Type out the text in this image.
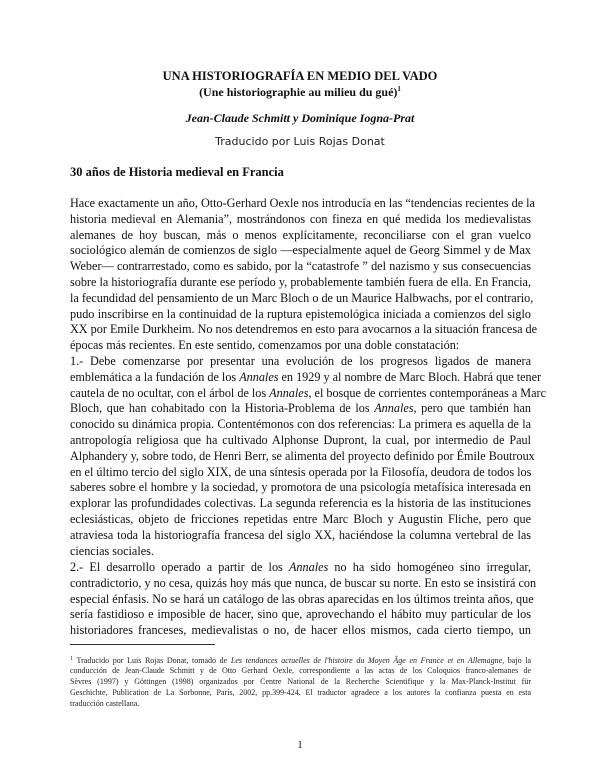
UNA HISTORIOGRAFÍA EN MEDIO DEL VADO
(Une historiographie au milieu du gué)$^1$
Jean-Claude Schmitt y Dominique Iogna-Prat
Traducido por Luis Rojas Donat
30 años de Historia medieval en Francia
Hace exactamente un año, Otto-Gerhard Oexle nos introducía en las “tendencias recientes de la
historia medieval en Alemania”, mostrándonos con fineza en qué medida los medievalistas
alemanes de hoy buscan, más o menos explícitamente, reconciliarse con el gran vuelco
sociológico alemán de comienzos de siglo —especialmente aquel de Georg Simmel y de Max
Weber— contrarrestado, como es sabido, por la “catastrofe ” del nazismo y sus consecuencias
sobre la historiografía durante ese período y, probablemente también fuera de ella. En Francia,
la fecundidad del pensamiento de un Marc Bloch o de un Maurice Halbwachs, por el contrario,
pudo inscribirse en la continuidad de la ruptura epistemológica iniciada a comienzos del siglo
XX por Emile Durkheim. No nos detendremos en esto para avocarnos a la situación francesa de
épocas más recientes. En este sentido, comenzamos por una doble constatación:
1.- Debe comenzarse por presentar una evolución de los progresos ligados de manera
emblemática a la fundación de los Annales en 1929 y al nombre de Marc Bloch. Habrá que tener
cautela de no ocultar, con el árbol de los Annales, el bosque de corrientes contemporáneas a Marc
Bloch, que han cohabitado con la Historia-Problema de los Annales, pero que también han
conocido su dinámica propia. Contentémonos con dos referencias: La primera es aquella de la
antropología religiosa que ha cultivado Alphonse Dupront, la cual, por intermedio de Paul
Alphandery y, sobre todo, de Henri Berr, se alimenta del proyecto definido por Émile Boutroux
en el último tercio del siglo XIX, de una síntesis operada por la Filosofía, deudora de todos los
saberes sobre el hombre y la sociedad, y promotora de una psicología metafísica interesada en
explorar las profundidades colectivas. La segunda referencia es la historia de las instituciones
eclesiásticas, objeto de fricciones repetidas entre Marc Bloch y Augustin Fliche, pero que
atraviesa toda la historiografía francesa del siglo XX, haciéndose la columna vertebral de las
ciencias sociales.
2.- El desarrollo operado a partir de los Annales no ha sido homogéneo sino irregular,
contradictorio, y no cesa, quizás hoy más que nunca, de buscar su norte. En esto se insistirá con
especial énfasis. No se hará un catálogo de las obras aparecidas en los últimos treinta años, que
sería fastidioso e imposible de hacer, sino que, aprovechando el hábito muy particular de los
historiadores franceses, medievalistas o no, de hacer ellos mismos, cada cierto tiempo, un
$^1$ Traducido por Luis Rojas Donat, tomado de Les tendances actuelles de l'histoire du Moyen Âge en France et en Allemagne, bajo la
conducción de Jean-Claude Schmitt y de Otto Gerhard Oexle, correspondiente a las actas de los Coloquios franco-alemanes de
Sèvres (1997) y Göttingen (1998) organizados por Centre National de la Recherche Scientifique y la Max-Planck-Institut für
Geschichte, Publication de La Sorbonne, París, 2002, pp.399-424. El traductor agradece a los autores la confianza puesta en esta
traducción castellana.
1
